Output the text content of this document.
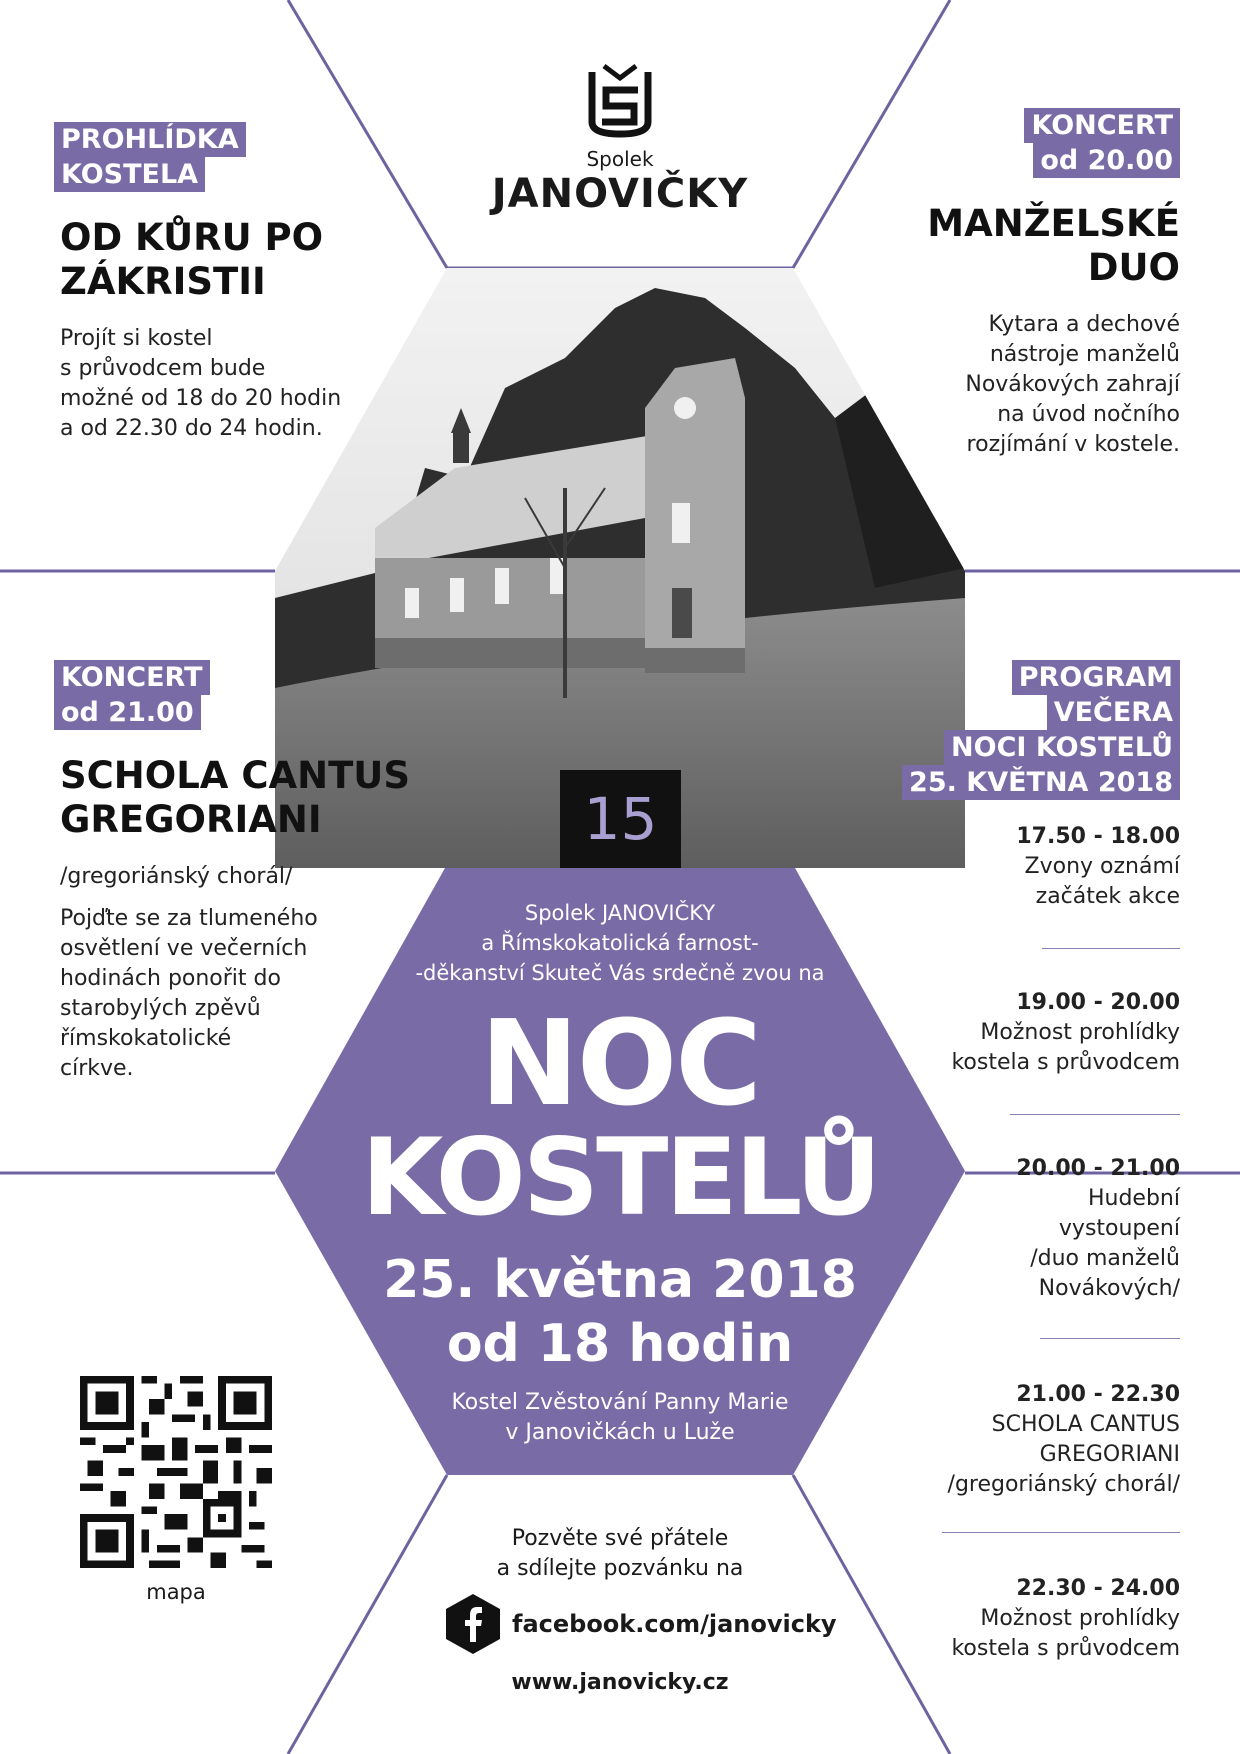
Spolek
JANOVIČKY
PROHLÍDKA
KOSTELA
OD KŮRU PO
ZÁKRISTII
Projít si kostel
s průvodcem bude
možné od 18 do 20 hodin
a od 22.30 do 24 hodin.
KONCERT
od 20.00
MANŽELSKÉ
DUO
Kytara a dechové
nástroje manželů
Novákových zahrají
na úvod nočního
rozjímání v kostele.
KONCERT
od 21.00
SCHOLA CANTUS
GREGORIANI
/gregoriánský chorál/
Pojďte se za tlumeného
osvětlení ve večerních
hodinách ponořit do
starobylých zpěvů
římskokatolické
církve.
PROGRAM
VEČERA
NOCI KOSTELŮ
25. KVĚTNA 2018
17.50 - 18.00
Zvony oznámí
začátek akce
19.00 - 20.00
Možnost prohlídky
kostela s průvodcem
20.00 - 21.00
Hudební
vystoupení
/duo manželů
Novákových/
21.00 - 22.30
SCHOLA CANTUS
GREGORIANI
/gregoriánský chorál/
22.30 - 24.00
Možnost prohlídky
kostela s průvodcem
15
Spolek JANOVIČKY
a Římskokatolická farnost-
-děkanství Skuteč Vás srdečně zvou na
NOC
KOSTELŮ
25. května 2018
od 18 hodin
Kostel Zvěstování Panny Marie
v Janovičkách u Luže
Pozvěte své přátele
a sdílejte pozvánku na
facebook.com/janovicky
www.janovicky.cz
mapa
